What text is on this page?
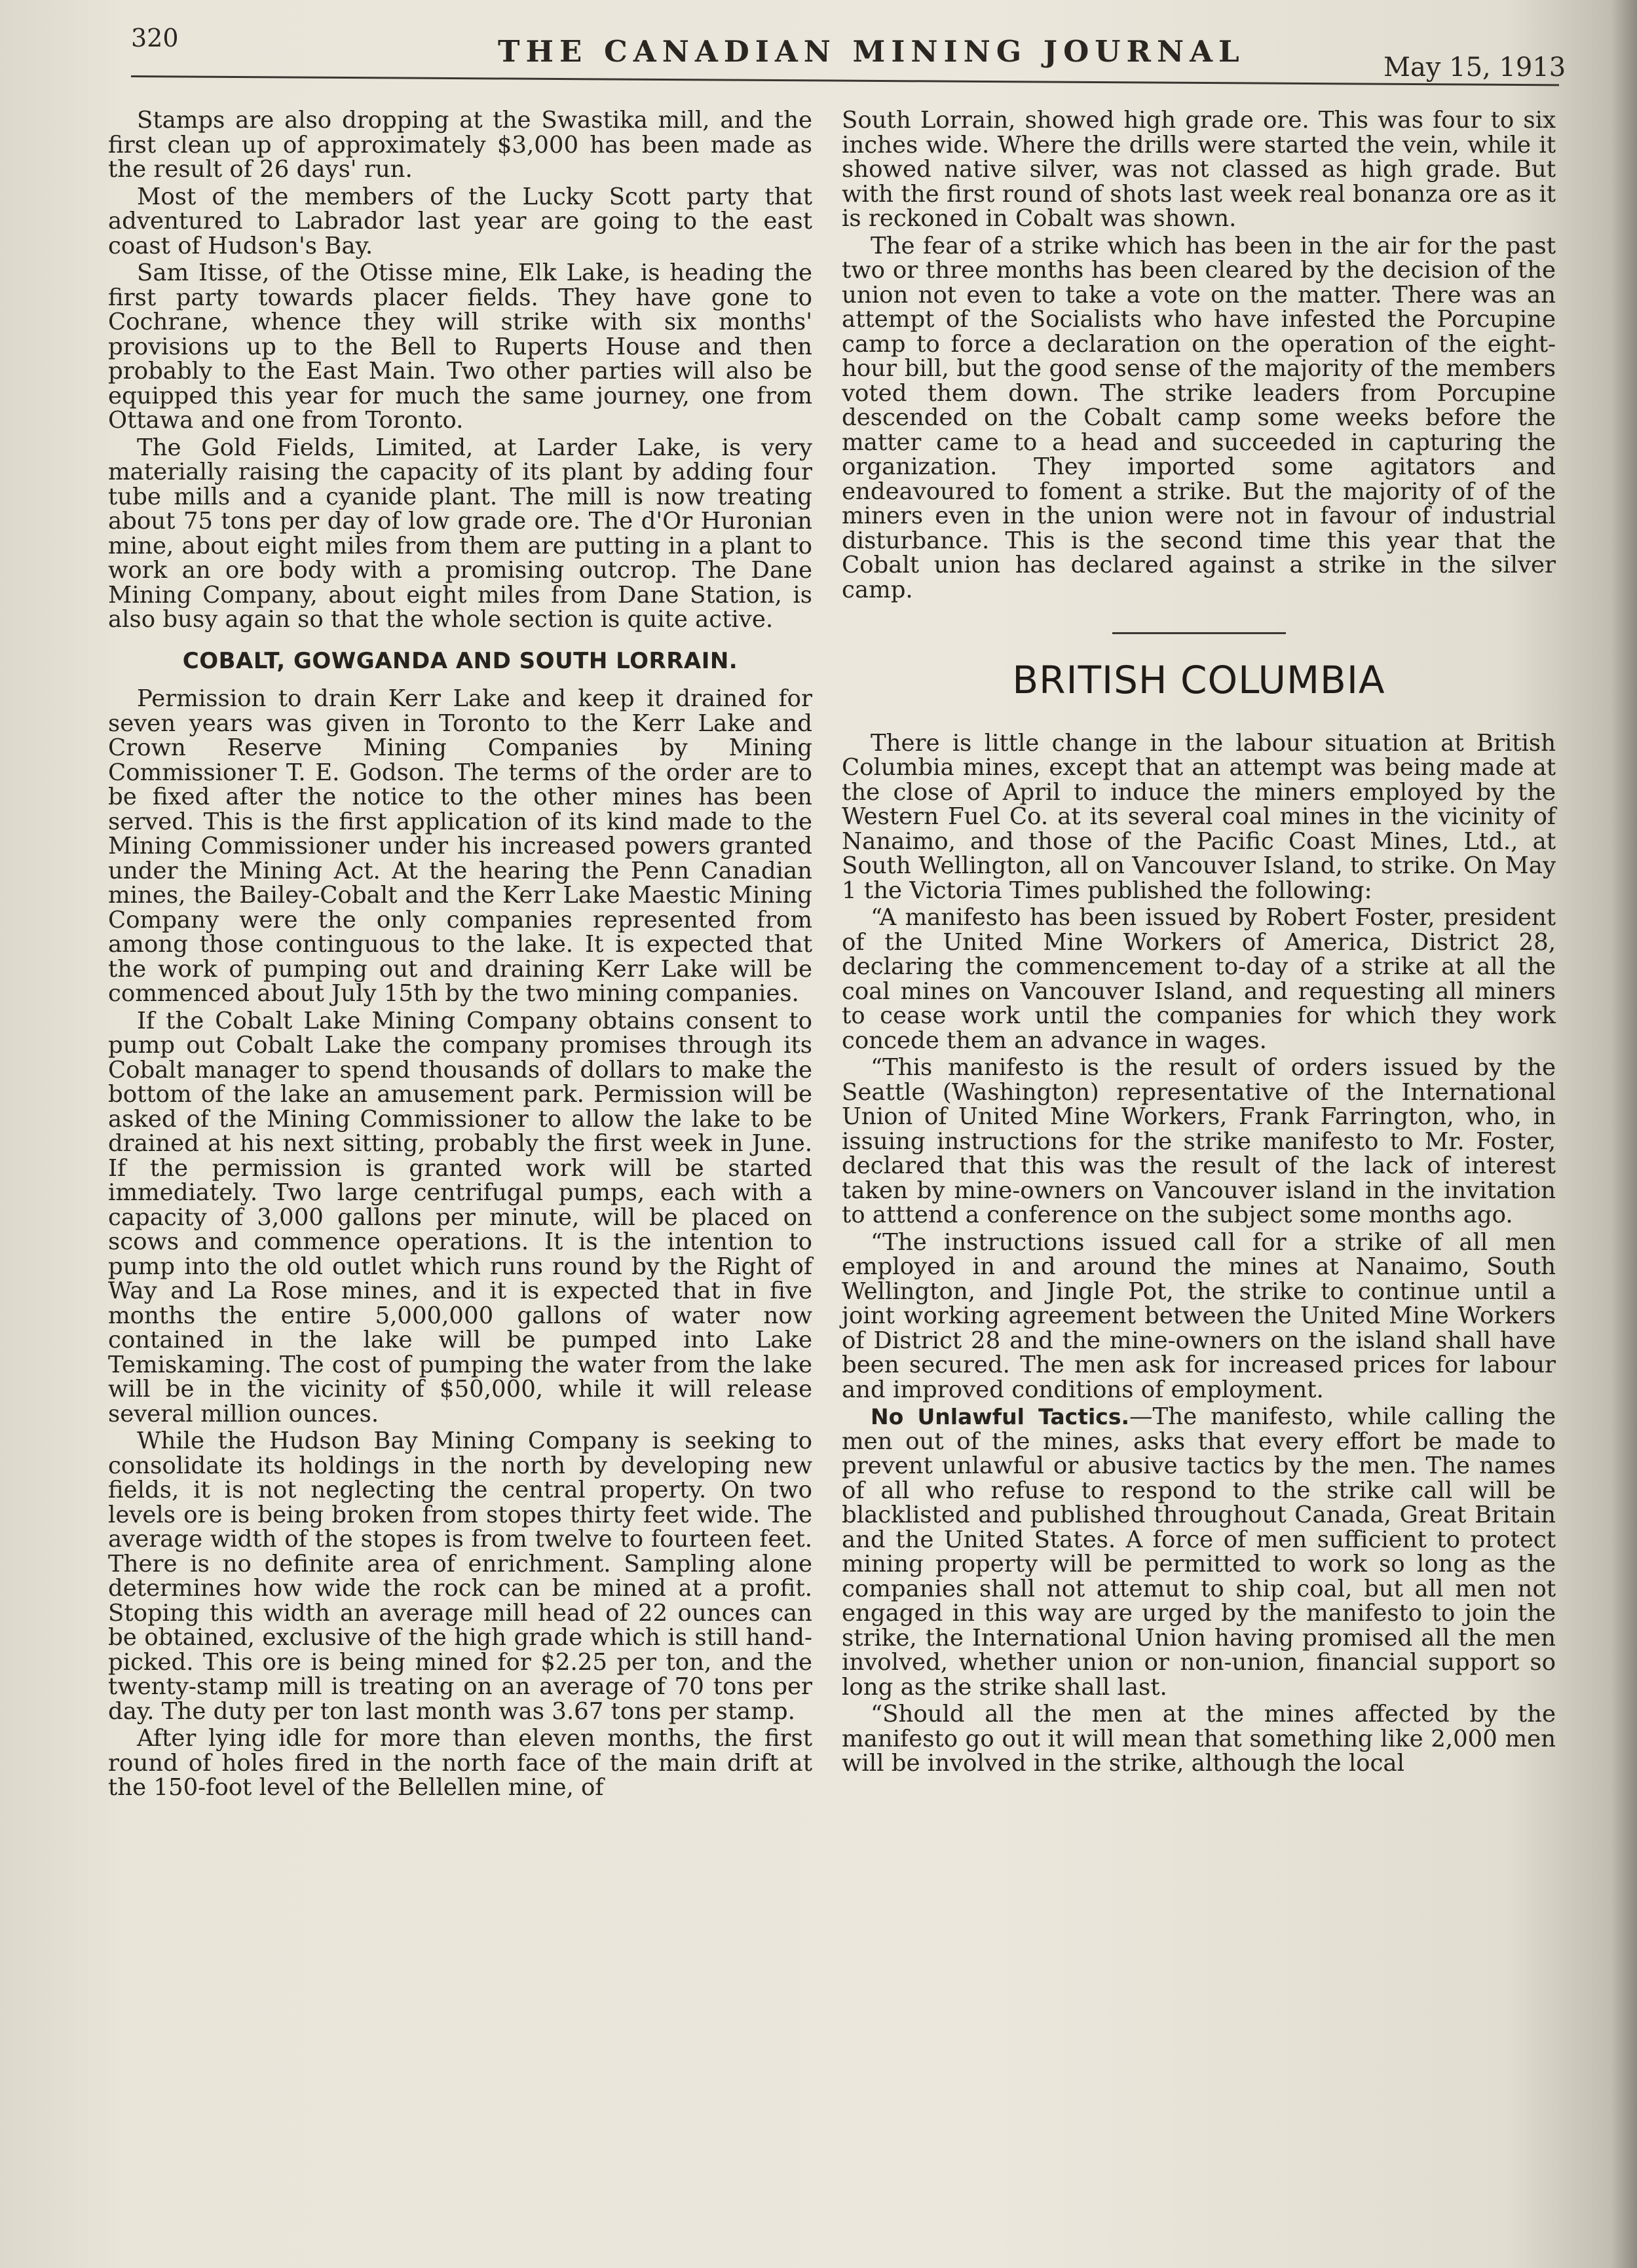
320	THE CANADIAN MINING JOURNAL	May 15, 1913

Stamps are also dropping at the Swastika mill, and the first clean up of approximately $3,000 has been made as the result of 26 days' run.

Most of the members of the Lucky Scott party that adventured to Labrador last year are going to the east coast of Hudson's Bay.

Sam Itisse, of the Otisse mine, Elk Lake, is heading the first party towards placer fields. They have gone to Cochrane, whence they will strike with six months' provisions up to the Bell to Ruperts House and then probably to the East Main. Two other parties will also be equipped this year for much the same journey, one from Ottawa and one from Toronto.

The Gold Fields, Limited, at Larder Lake, is very materially raising the capacity of its plant by adding four tube mills and a cyanide plant. The mill is now treating about 75 tons per day of low grade ore. The d'Or Huronian mine, about eight miles from them are putting in a plant to work an ore body with a promising outcrop. The Dane Mining Company, about eight miles from Dane Station, is also busy again so that the whole section is quite active.

COBALT, GOWGANDA AND SOUTH LORRAIN.

Permission to drain Kerr Lake and keep it drained for seven years was given in Toronto to the Kerr Lake and Crown Reserve Mining Companies by Mining Commissioner T. E. Godson. The terms of the order are to be fixed after the notice to the other mines has been served. This is the first application of its kind made to the Mining Commissioner under his increased powers granted under the Mining Act. At the hearing the Penn Canadian mines, the Bailey-Cobalt and the Kerr Lake Maestic Mining Company were the only companies represented from among those continguous to the lake. It is expected that the work of pumping out and draining Kerr Lake will be commenced about July 15th by the two mining companies.

If the Cobalt Lake Mining Company obtains consent to pump out Cobalt Lake the company promises through its Cobalt manager to spend thousands of dollars to make the bottom of the lake an amusement park. Permission will be asked of the Mining Commissioner to allow the lake to be drained at his next sitting, probably the first week in June. If the permission is granted work will be started immediately. Two large centrifugal pumps, each with a capacity of 3,000 gallons per minute, will be placed on scows and commence operations. It is the intention to pump into the old outlet which runs round by the Right of Way and La Rose mines, and it is expected that in five months the entire 5,000,000 gallons of water now contained in the lake will be pumped into Lake Temiskaming. The cost of pumping the water from the lake will be in the vicinity of $50,000, while it will release several million ounces.

While the Hudson Bay Mining Company is seeking to consolidate its holdings in the north by developing new fields, it is not neglecting the central property. On two levels ore is being broken from stopes thirty feet wide. The average width of the stopes is from twelve to fourteen feet. There is no definite area of enrichment. Sampling alone determines how wide the rock can be mined at a profit. Stoping this width an average mill head of 22 ounces can be obtained, exclusive of the high grade which is still hand-picked. This ore is being mined for $2.25 per ton, and the twenty-stamp mill is treating on an average of 70 tons per day. The duty per ton last month was 3.67 tons per stamp.

After lying idle for more than eleven months, the first round of holes fired in the north face of the main drift at the 150-foot level of the Bellellen mine, of

South Lorrain, showed high grade ore. This was four to six inches wide. Where the drills were started the vein, while it showed native silver, was not classed as high grade. But with the first round of shots last week real bonanza ore as it is reckoned in Cobalt was shown.

The fear of a strike which has been in the air for the past two or three months has been cleared by the decision of the union not even to take a vote on the matter. There was an attempt of the Socialists who have infested the Porcupine camp to force a declaration on the operation of the eight-hour bill, but the good sense of the majority of the members voted them down. The strike leaders from Porcupine descended on the Cobalt camp some weeks before the matter came to a head and succeeded in capturing the organization. They imported some agitators and endeavoured to foment a strike. But the majority of of the miners even in the union were not in favour of industrial disturbance. This is the second time this year that the Cobalt union has declared against a strike in the silver camp.

BRITISH COLUMBIA

There is little change in the labour situation at British Columbia mines, except that an attempt was being made at the close of April to induce the miners employed by the Western Fuel Co. at its several coal mines in the vicinity of Nanaimo, and those of the Pacific Coast Mines, Ltd., at South Wellington, all on Vancouver Island, to strike. On May 1 the Victoria Times published the following:

“A manifesto has been issued by Robert Foster, president of the United Mine Workers of America, District 28, declaring the commencement to-day of a strike at all the coal mines on Vancouver Island, and requesting all miners to cease work until the companies for which they work concede them an advance in wages.

“This manifesto is the result of orders issued by the Seattle (Washington) representative of the International Union of United Mine Workers, Frank Farrington, who, in issuing instructions for the strike manifesto to Mr. Foster, declared that this was the result of the lack of interest taken by mine-owners on Vancouver island in the invitation to atttend a conference on the subject some months ago.

“The instructions issued call for a strike of all men employed in and around the mines at Nanaimo, South Wellington, and Jingle Pot, the strike to continue until a joint working agreement between the United Mine Workers of District 28 and the mine-owners on the island shall have been secured. The men ask for increased prices for labour and improved conditions of employment.

No Unlawful Tactics.—The manifesto, while calling the men out of the mines, asks that every effort be made to prevent unlawful or abusive tactics by the men. The names of all who refuse to respond to the strike call will be blacklisted and published throughout Canada, Great Britain and the United States. A force of men sufficient to protect mining property will be permitted to work so long as the companies shall not attemut to ship coal, but all men not engaged in this way are urged by the manifesto to join the strike, the International Union having promised all the men involved, whether union or non-union, financial support so long as the strike shall last.

“Should all the men at the mines affected by the manifesto go out it will mean that something like 2,000 men will be involved in the strike, although the local
